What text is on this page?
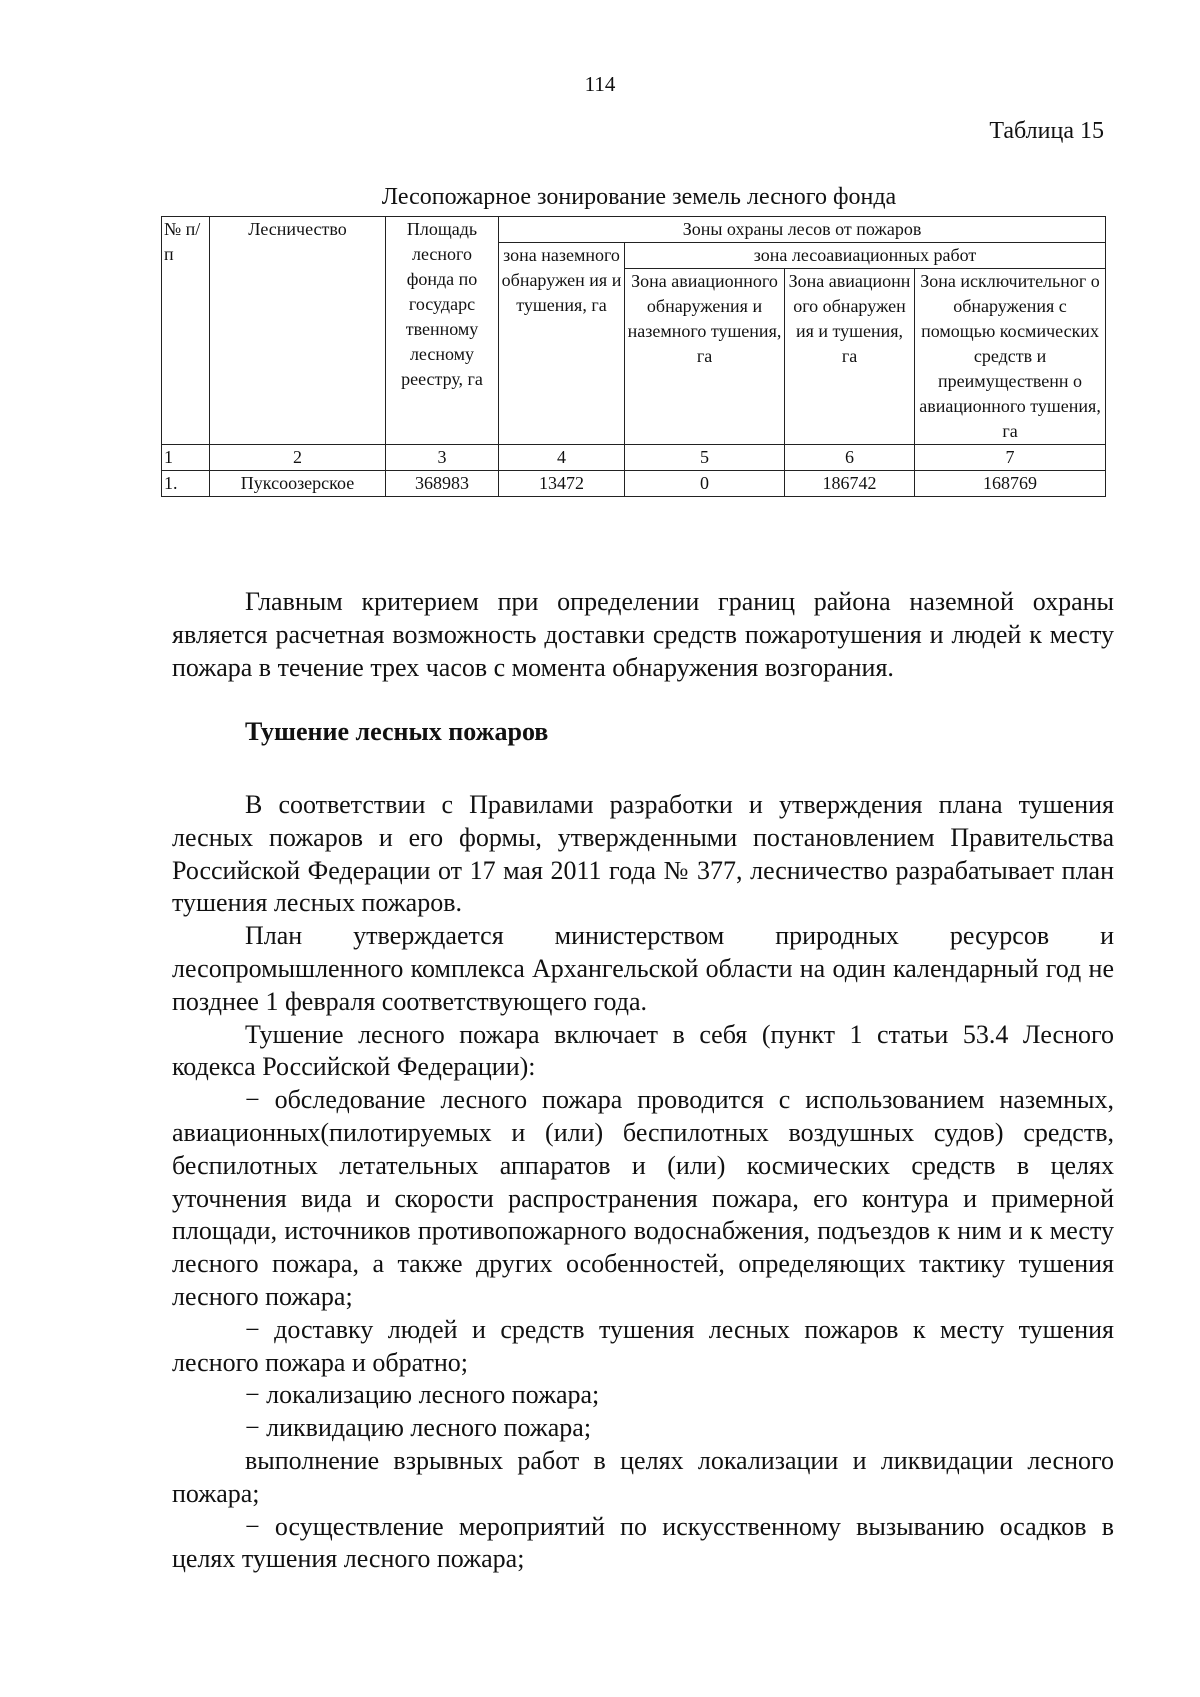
114
Таблица 15
Лесопожарное зонирование земель лесного фонда
№ п/ п	Лесничество	Площадь лесного фонда по государс твенному лесному реестру, га	Зоны охраны лесов от пожаров			
			зона наземного обнаружен ия и тушения, га	зона лесоавиационных работ		
				Зона авиационного обнаружения и наземного тушения, га	Зона авиационн ого обнаружен ия и тушения, га	Зона исключительног о обнаружения с помощью космических средств и преимущественн о авиационного тушения, га
1	2	3	4	5	6	7
1.	Пуксоозерское	368983	13472	0	186742	168769

Главным критерием при определении границ района наземной охраны является расчетная возможность доставки средств пожаротушения и людей к месту пожара в течение трех часов с момента обнаружения возгорания.

Тушение лесных пожаров

В соответствии с Правилами разработки и утверждения плана тушения лесных пожаров и его формы, утвержденными постановлением Правительства Российской Федерации от 17 мая 2011 года № 377, лесничество разрабатывает план тушения лесных пожаров.

План утверждается министерством природных ресурсов и лесопромышленного комплекса Архангельской области на один календарный год не позднее 1 февраля соответствующего года.

Тушение лесного пожара включает в себя (пункт 1 статьи 53.4 Лесного кодекса Российской Федерации):

− обследование лесного пожара проводится с использованием наземных, авиационных(пилотируемых и (или) беспилотных воздушных судов) средств, беспилотных летательных аппаратов и (или) космических средств в целях уточнения вида и скорости распространения пожара, его контура и примерной площади, источников противопожарного водоснабжения, подъездов к ним и к месту лесного пожара, а также других особенностей, определяющих тактику тушения лесного пожара;

− доставку людей и средств тушения лесных пожаров к месту тушения лесного пожара и обратно;

− локализацию лесного пожара;

− ликвидацию лесного пожара;

выполнение взрывных работ в целях локализации и ликвидации лесного пожара;

− осуществление мероприятий по искусственному вызыванию осадков в целях тушения лесного пожара;
